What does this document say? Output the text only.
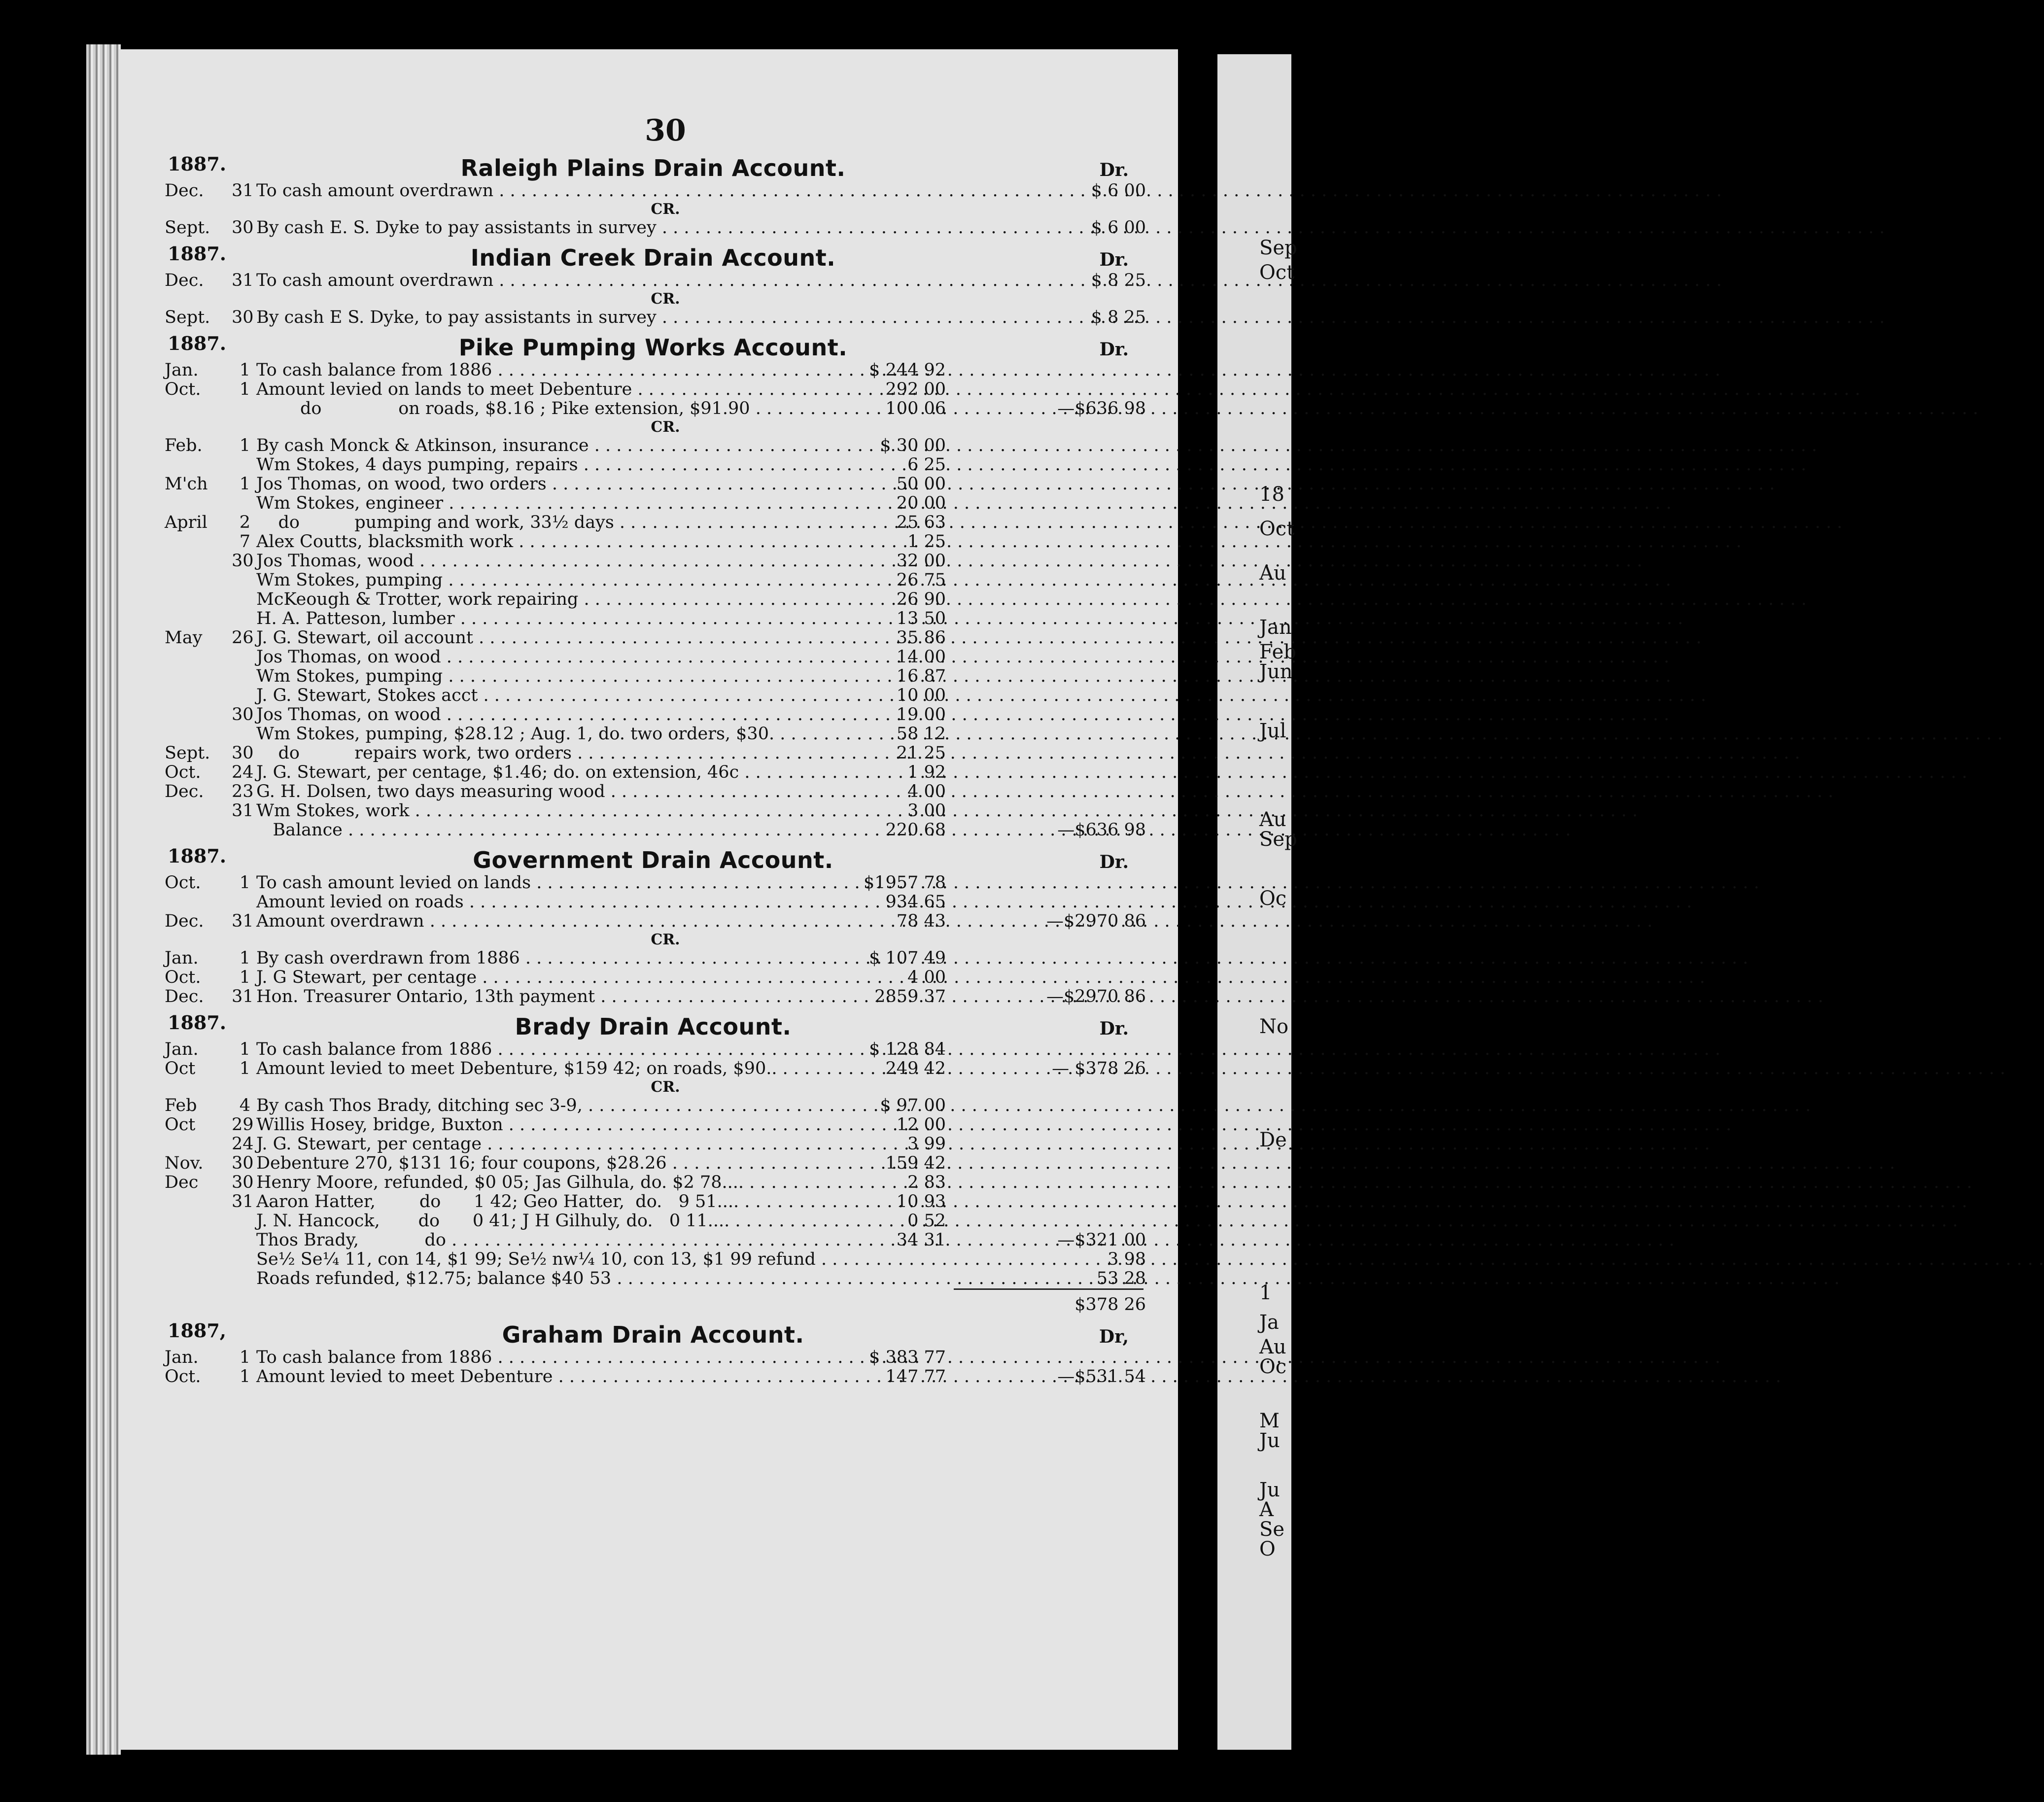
Sep
Oct
18
Oct
Au
Jan
Feb
Jun
Jul
Au
Sep
Oc
No
De
1
Ja
Au
Oc
M
Ju
Ju
A
Se
O
30
1887.	Raleigh Plains Drain Account.	Dr.
Dec.	31 To cash amount overdrawn . . .	$ 6 00
CR.
Sept.	30 By cash E. S. Dyke to pay assistants in survey . . .	$ 6 00
1887.	Indian Creek Drain Account.	Dr.
Dec.	31 To cash amount overdrawn . . .	$ 8 25
CR.
Sept.	30 By cash E S. Dyke, to pay assistants in survey . . .	$ 8 25
1887.	Pike Pumping Works Account.	Dr.
Jan.	1 To cash balance from 1886 . . .	$ 244 92
Oct.	1 Amount levied on lands to meet Debenture . . .	292 00
do              on roads, $8.16 ; Pike extension, $91.90 . . .	100 06	—$636 98
CR.
Feb.	1 By cash Monck & Atkinson, insurance . . .	$ 30 00
Wm Stokes, 4 days pumping, repairs . . .	6 25
M'ch	1 Jos Thomas, on wood, two orders . . .	50 00
Wm Stokes, engineer . . .	20 00
April	2 do          pumping and work, 33½ days . . .	25 63
7 Alex Coutts, blacksmith work . . .	1 25
30 Jos Thomas, wood . . .	32 00
Wm Stokes, pumping . . .	26 75
McKeough & Trotter, work repairing . . .	26 90
H. A. Patteson, lumber . . .	13 50
May	26 J. G. Stewart, oil account . . .	35 86
Jos Thomas, on wood . . .	14 00
Wm Stokes, pumping . . .	16 87
J. G. Stewart, Stokes acct . . .	10 00
30 Jos Thomas, on wood . . .	19 00
Wm Stokes, pumping, $28.12 ; Aug. 1, do. two orders, $30. . . .	58 12
Sept.	30 do          repairs work, two orders . . .	21 25
Oct.	24 J. G. Stewart, per centage, $1.46; do. on extension, 46c . . .	1 92
Dec.	23 G. H. Dolsen, two days measuring wood . . .	4 00
31 Wm Stokes, work . . .	3 00
Balance . . .	220 68	—$636 98
1887.	Government Drain Account.	Dr.
Oct.	1 To cash amount levied on lands . . .	$1957 78
Amount levied on roads . . .	934 65
Dec.	31 Amount overdrawn . . .	78 43	—$2970 86
CR.
Jan.	1 By cash overdrawn from 1886 . . .	$ 107 49
Oct.	1 J. G Stewart, per centage . . .	4 00
Dec.	31 Hon. Treasurer Ontario, 13th payment . . .	2859 37	—$2970 86
1887.	Brady Drain Account.	Dr.
Jan.	1 To cash balance from 1886 . . .	$ 128 84
Oct	1 Amount levied to meet Debenture, $159 42; on roads, $90.. . . .	249 42	— $378 26
CR.
Feb	4 By cash Thos Brady, ditching sec 3-9, . . .	$ 97 00
Oct	29 Willis Hosey, bridge, Buxton . . .	12 00
24 J. G. Stewart, per centage . . .	3 99
Nov.	30 Debenture 270, $131 16; four coupons, $28.26 . . .	159 42
Dec	30 Henry Moore, refunded, $0 05; Jas Gilhula, do. $2 78.... . . .	2 83
31 Aaron Hatter,        do      1 42; Geo Hatter,  do.   9 51.... . . .	10 93
J. N. Hancock,       do      0 41; J H Gilhuly, do.   0 11.... . . .	0 52
Thos Brady,            do . . .	34 31	—$321 00
Se½ Se¼ 11, con 14, $1 99; Se½ nw¼ 10, con 13, $1 99 refund . . .	3 98
Roads refunded, $12.75; balance $40 53 . . .	53 28
$378 26
1887,	Graham Drain Account.	Dr,
Jan.	1 To cash balance from 1886 . . .	$ 383 77
Oct.	1 Amount levied to meet Debenture . . .	147 77	—$531 54
